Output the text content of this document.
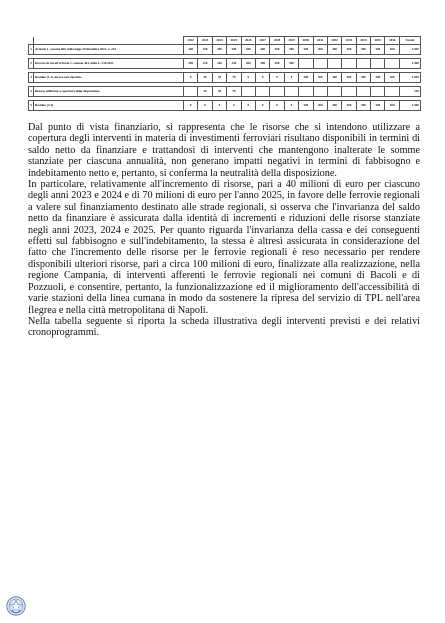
		2022	2023	2024	2025	2026	2027	2028	2029	2030	2031	2032	2033	2034	2035	2036	Totale
1	Articolo l , comma 660, della legge 30 dicembre 2021, n. 234	200	250	200	200	300	300	300	300	300	300	300	300	300	300	300	3.550

2	Decreto di cui all'articolo 1, comma 404, della L. 234/2021	200	210	160	130	300	300	300	300								1.900

3	Residuo (1-2) ancora non ripartito	0	40	40	70	0	0	0	0	300	300	300	300	300	300	300	1.650

4	Risorse utilizzate a copertura della disposizione		40	40	70												150

5	Residuo (3-4)	0	0	0	0	0	0	0	0	300	300	300	300	300	300	300	1.500

Dal punto di vista finanziario, si rappresenta che le risorse che si intendono utilizzare a copertura degli interventi in materia di investimenti ferroviari risultano disponibili in termini di saldo netto da finanziare e trattandosi di interventi che mantengono inalterate le somme stanziate per ciascuna annualità, non generano impatti negativi in termini di fabbisogno e indebitamento netto e, pertanto, si conferma la neutralità della disposizione.

In particolare, relativamente all'incremento di risorse, pari a 40 milioni di euro per ciascuno degli anni 2023 e 2024 e di 70 milioni di euro per l'anno 2025, in favore delle ferrovie regionali a valere sul finanziamento destinato alle strade regionali, si osserva che l'invarianza del saldo netto da finanziare è assicurata dalla identità di incrementi e riduzioni delle risorse stanziate negli anni 2023, 2024 e 2025. Per quanto riguarda l'invarianza della cassa e dei conseguenti effetti sul fabbisogno e sull'indebitamento, la stessa è altresì assicurata in considerazione del fatto che l'incremento delle risorse per le ferrovie regionali è reso necessario per rendere disponibili ulteriori risorse, pari a circa 100 milioni di euro, finalizzate alla realizzazione, nella regione Campania, di interventi afferenti le ferrovie regionali nei comuni di Bacoli e di Pozzuoli, e consentire, pertanto, la funzionalizzazione ed il miglioramento dell'accessibilità di varie stazioni della linea cumana in modo da sostenere la ripresa del servizio di TPL nell'area flegrea e nella città metropolitana di Napoli.

Nella tabella seguente si riporta la scheda illustrativa degli interventi previsti e dei relativi cronoprogrammi.
